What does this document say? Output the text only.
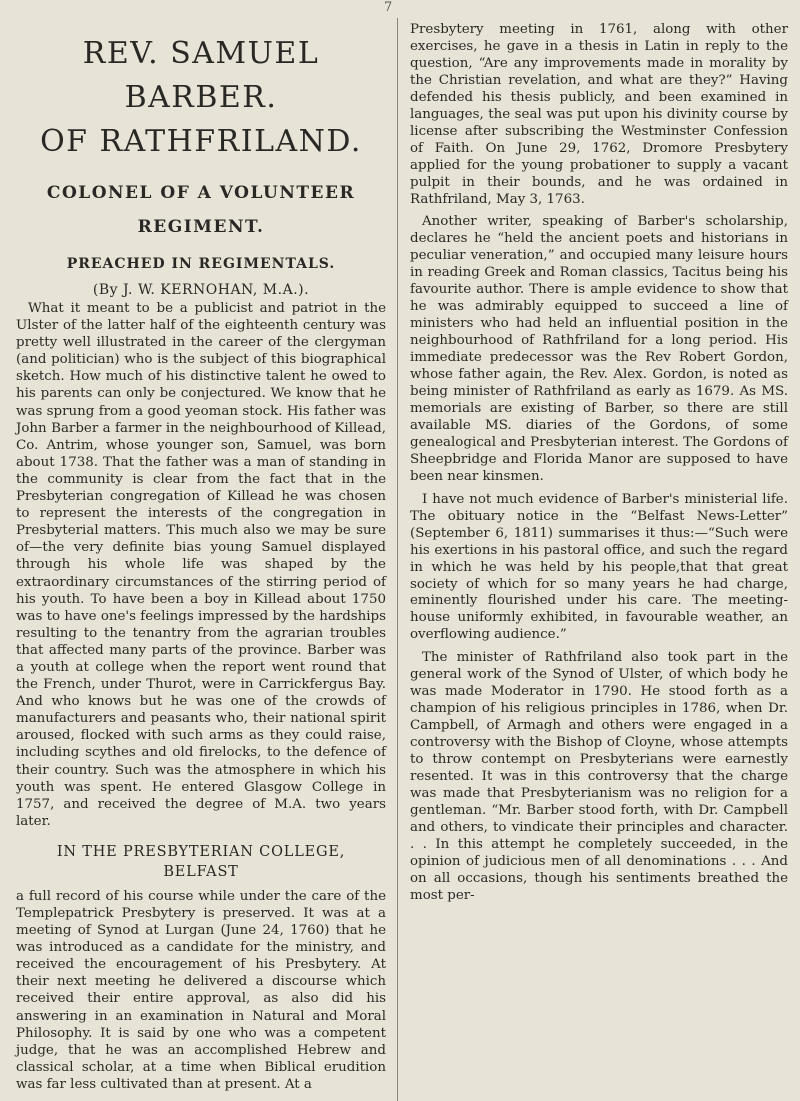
7
REV. SAMUEL BARBER.
OF RATHFRILAND.
COLONEL OF A VOLUNTEER
REGIMENT.
PREACHED IN REGIMENTALS.
(By J. W. KERNOHAN, M.A.).

What it meant to be a publicist and patriot in the Ulster of the latter half of the eighteenth century was pretty well illustrated in the career of the clergyman (and politician) who is the subject of this biographical sketch. How much of his distinctive talent he owed to his parents can only be conjectured. We know that he was sprung from a good yeoman stock. His father was John Barber a farmer in the neighbourhood of Killead, Co. Antrim, whose younger son, Samuel, was born about 1738. That the father was a man of standing in the community is clear from the fact that in the Presbyterian congregation of Killead he was chosen to represent the interests of the congregation in Presbyterial matters. This much also we may be sure of—the very definite bias young Samuel displayed through his whole life was shaped by the extraordinary circumstances of the stirring period of his youth. To have been a boy in Killead about 1750 was to have one's feelings impressed by the hardships resulting to the tenantry from the agrarian troubles that affected many parts of the province. Barber was a youth at college when the report went round that the French, under Thurot, were in Carrickfergus Bay. And who knows but he was one of the crowds of manufacturers and peasants who, their national spirit aroused, flocked with such arms as they could raise, including scythes and old firelocks, to the defence of their country. Such was the atmosphere in which his youth was spent. He entered Glasgow College in 1757, and received the degree of M.A. two years later.

IN THE PRESBYTERIAN COLLEGE,
BELFAST

a full record of his course while under the care of the Templepatrick Presbytery is preserved. It was at a meeting of Synod at Lurgan (June 24, 1760) that he was introduced as a candidate for the ministry, and received the encouragement of his Presbytery. At their next meeting he delivered a discourse which received their entire approval, as also did his answering in an examination in Natural and Moral Philosophy. It is said by one who was a competent judge, that he was an accomplished Hebrew and classical scholar, at a time when Biblical erudition was far less cultivated than at present. At a

Presbytery meeting in 1761, along with other exercises, he gave in a thesis in Latin in reply to the question, “Are any improvements made in morality by the Christian revelation, and what are they?” Having defended his thesis publicly, and been examined in languages, the seal was put upon his divinity course by license after subscribing the Westminster Confession of Faith. On June 29, 1762, Dromore Presbytery applied for the young probationer to supply a vacant pulpit in their bounds, and he was ordained in Rathfriland, May 3, 1763.

Another writer, speaking of Barber's scholarship, declares he “held the ancient poets and historians in peculiar veneration,” and occupied many leisure hours in reading Greek and Roman classics, Tacitus being his favourite author. There is ample evidence to show that he was admirably equipped to succeed a line of ministers who had held an influential position in the neighbourhood of Rathfriland for a long period. His immediate predecessor was the Rev Robert Gordon, whose father again, the Rev. Alex. Gordon, is noted as being minister of Rathfriland as early as 1679. As MS. memorials are existing of Barber, so there are still available MS. diaries of the Gordons, of some genealogical and Presbyterian interest. The Gordons of Sheepbridge and Florida Manor are supposed to have been near kinsmen.

I have not much evidence of Barber's ministerial life. The obituary notice in the “Belfast News-Letter” (September 6, 1811) summarises it thus:—“Such were his exertions in his pastoral office, and such the regard in which he was held by his people,that that great society of which for so many years he had charge, eminently flourished under his care. The meeting-house uniformly exhibited, in favourable weather, an overflowing audience.”

The minister of Rathfriland also took part in the general work of the Synod of Ulster, of which body he was made Moderator in 1790. He stood forth as a champion of his religious principles in 1786, when Dr. Campbell, of Armagh and others were engaged in a controversy with the Bishop of Cloyne, whose attempts to throw contempt on Presbyterians were earnestly resented. It was in this controversy that the charge was made that Presbyterianism was no religion for a gentleman. “Mr. Barber stood forth, with Dr. Campbell and others, to vindicate their principles and character. . . In this attempt he completely succeeded, in the opinion of judicious men of all denominations . . . And on all occasions, though his sentiments breathed the most per-
